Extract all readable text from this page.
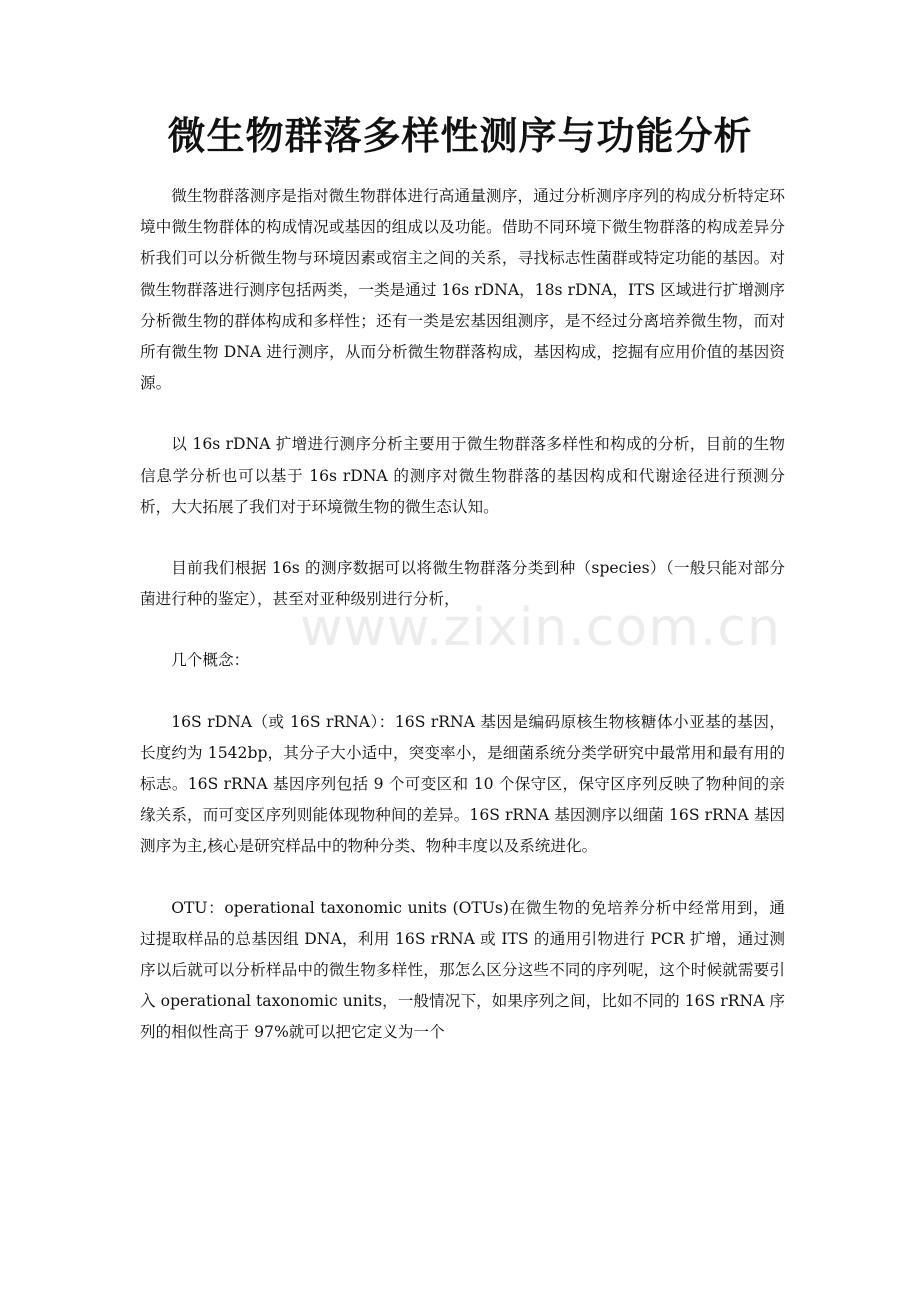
www.zixin.com.cn
微生物群落多样性测序与功能分析

微生物群落测序是指对微生物群体进行高通量测序，通过分析测序序列的构成分析特定环境中微生物群体的构成情况或基因的组成以及功能。借助不同环境下微生物群落的构成差异分析我们可以分析微生物与环境因素或宿主之间的关系，寻找标志性菌群或特定功能的基因。对微生物群落进行测序包括两类，一类是通过 16s rDNA，18s rDNA，ITS 区域进行扩增测序分析微生物的群体构成和多样性；还有一类是宏基因组测序，是不经过分离培养微生物，而对所有微生物 DNA 进行测序，从而分析微生物群落构成，基因构成，挖掘有应用价值的基因资源。

以 16s rDNA 扩增进行测序分析主要用于微生物群落多样性和构成的分析，目前的生物信息学分析也可以基于 16s rDNA 的测序对微生物群落的基因构成和代谢途径进行预测分析，大大拓展了我们对于环境微生物的微生态认知。

目前我们根据 16s 的测序数据可以将微生物群落分类到种（species）（一般只能对部分菌进行种的鉴定），甚至对亚种级别进行分析，

几个概念：

16S rDNA（或 16S rRNA）：16S rRNA 基因是编码原核生物核糖体小亚基的基因，长度约为 1542bp，其分子大小适中，突变率小，是细菌系统分类学研究中最常用和最有用的标志。16S rRNA 基因序列包括 9 个可变区和 10 个保守区，保守区序列反映了物种间的亲缘关系，而可变区序列则能体现物种间的差异。16S rRNA 基因测序以细菌 16S rRNA 基因测序为主,核心是研究样品中的物种分类、物种丰度以及系统进化。

OTU：operational taxonomic units (OTUs)在微生物的免培养分析中经常用到，通过提取样品的总基因组 DNA，利用 16S rRNA 或 ITS 的通用引物进行 PCR 扩增，通过测序以后就可以分析样品中的微生物多样性，那怎么区分这些不同的序列呢，这个时候就需要引入 operational taxonomic units，一般情况下，如果序列之间，比如不同的 16S rRNA 序列的相似性高于 97%就可以把它定义为一个
